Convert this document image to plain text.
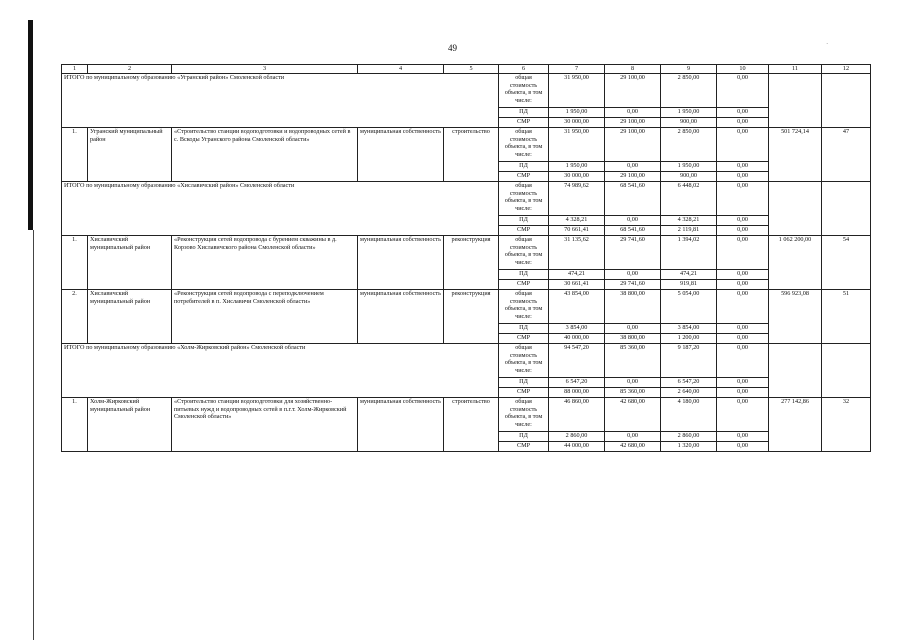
49	·
1	2	3	4	5	6	7	8	9	10	11	12
ИТОГО по муниципальному образованию «Угранский район» Смоленской области					общая стоимость объекта, в том числе:	31 950,00	29 100,00	2 850,00	0,00		
					ПД	1 950,00	0,00	1 950,00	0,00		
					СМР	30 000,00	29 100,00	900,00	0,00		
1.	Угранский муниципальный район	«Строительство станции водоподготовки и водопроводных сетей в с. Вскоды Угранского района Смоленской области»	муниципальная собственность	строительство	общая стоимость объекта, в том числе:	31 950,00	29 100,00	2 850,00	0,00	501 724,14	47
					ПД	1 950,00	0,00	1 950,00	0,00		
					СМР	30 000,00	29 100,00	900,00	0,00		
ИТОГО по муниципальному образованию «Хиславичский район» Смоленской области					общая стоимость объекта, в том числе:	74 989,62	68 541,60	6 448,02	0,00		
					ПД	4 328,21	0,00	4 328,21	0,00		
					СМР	70 661,41	68 541,60	2 119,81	0,00		
1.	Хиславичский муниципальный район	«Реконструкция сетей водопровода с бурением скважины в д. Корзово Хиславичского района Смоленской области»	муниципальная собственность	реконструкция	общая стоимость объекта, в том числе:	31 135,62	29 741,60	1 394,02	0,00	1 062 200,00	54
					ПД	474,21	0,00	474,21	0,00		
					СМР	30 661,41	29 741,60	919,81	0,00		
2.	Хиславичский муниципальный район	«Реконструкция сетей водопровода с переподключением потребителей в п. Хиславичи Смоленской области»	муниципальная собственность	реконструкция	общая стоимость объекта, в том числе:	43 854,00	38 800,00	5 054,00	0,00	596 923,08	51
					ПД	3 854,00	0,00	3 854,00	0,00		
					СМР	40 000,00	38 800,00	1 200,00	0,00		
ИТОГО по муниципальному образованию «Холм-Жирковский район» Смоленской области					общая стоимость объекта, в том числе:	94 547,20	85 360,00	9 187,20	0,00		
					ПД	6 547,20	0,00	6 547,20	0,00		
					СМР	88 000,00	85 360,00	2 640,00	0,00		
1.	Холм-Жирковский муниципальный район	«Строительство станции водоподготовки для хозяйственно-питьевых нужд и водопроводных сетей в п.г.т. Холм-Жирковский Смоленской области»	муниципальная собственность	строительство	общая стоимость объекта, в том числе:	46 860,00	42 680,00	4 180,00	0,00	277 142,86	32
					ПД	2 860,00	0,00	2 860,00	0,00		
					СМР	44 000,00	42 680,00	1 320,00	0,00		
